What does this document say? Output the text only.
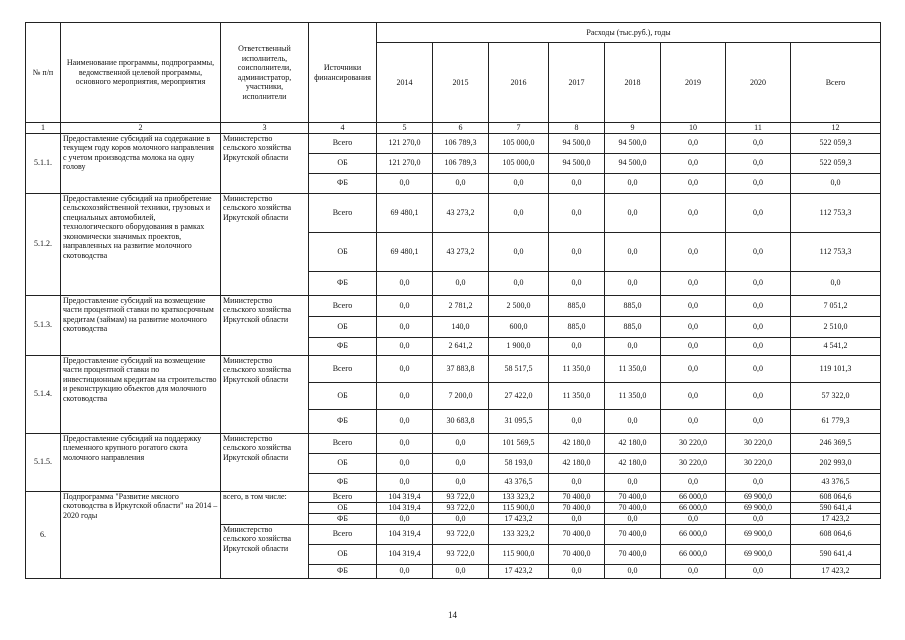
№ п/п	Наименование программы, подпрограммы, ведомственной целевой программы, основного мероприятия, мероприятия	Ответственный исполнитель, соисполнители, администратор, участники, исполнители	Источники финансирования	Расходы (тыс.руб.), годы							
				2014	2015	2016	2017	2018	2019	2020	Всего
1	2	3	4	5	6	7	8	9	10	11	12
5.1.1.	Предоставление субсидий на содержание в текущем году коров молочного направления с учетом производства молока на одну голову	Министерство сельского хозяйства Иркутской области	Всего	121 270,0	106 789,3	105 000,0	94 500,0	94 500,0	0,0	0,0	522 059,3
			ОБ	121 270,0	106 789,3	105 000,0	94 500,0	94 500,0	0,0	0,0	522 059,3
			ФБ	0,0	0,0	0,0	0,0	0,0	0,0	0,0	0,0
5.1.2.	Предоставление субсидий на приобретение сельскохозяйственной техники, грузовых и специальных автомобилей, технологического оборудования в рамках экономически значимых проектов, направленных на развитие молочного скотоводства	Министерство сельского хозяйства Иркутской области	Всего	69 480,1	43 273,2	0,0	0,0	0,0	0,0	0,0	112 753,3
			ОБ	69 480,1	43 273,2	0,0	0,0	0,0	0,0	0,0	112 753,3
			ФБ	0,0	0,0	0,0	0,0	0,0	0,0	0,0	0,0
5.1.3.	Предоставление субсидий на возмещение части процентной ставки по краткосрочным кредитам (займам) на развитие молочного скотоводства	Министерство сельского хозяйства Иркутской области	Всего	0,0	2 781,2	2 500,0	885,0	885,0	0,0	0,0	7 051,2
			ОБ	0,0	140,0	600,0	885,0	885,0	0,0	0,0	2 510,0
			ФБ	0,0	2 641,2	1 900,0	0,0	0,0	0,0	0,0	4 541,2
5.1.4.	Предоставление субсидий на возмещение части процентной ставки по инвестиционным кредитам на строительство и реконструкцию объектов для молочного скотоводства	Министерство сельского хозяйства Иркутской области	Всего	0,0	37 883,8	58 517,5	11 350,0	11 350,0	0,0	0,0	119 101,3
			ОБ	0,0	7 200,0	27 422,0	11 350,0	11 350,0	0,0	0,0	57 322,0
			ФБ	0,0	30 683,8	31 095,5	0,0	0,0	0,0	0,0	61 779,3
5.1.5.	Предоставление субсидий на поддержку племенного крупного рогатого скота молочного направления	Министерство сельского хозяйства Иркутской области	Всего	0,0	0,0	101 569,5	42 180,0	42 180,0	30 220,0	30 220,0	246 369,5
			ОБ	0,0	0,0	58 193,0	42 180,0	42 180,0	30 220,0	30 220,0	202 993,0
			ФБ	0,0	0,0	43 376,5	0,0	0,0	0,0	0,0	43 376,5
6.	Подпрограмма "Развитие мясного скотоводства в Иркутской области" на 2014 – 2020 годы	всего, в том числе:	Всего	104 319,4	93 722,0	133 323,2	70 400,0	70 400,0	66 000,0	69 900,0	608 064,6
			ОБ	104 319,4	93 722,0	115 900,0	70 400,0	70 400,0	66 000,0	69 900,0	590 641,4
			ФБ	0,0	0,0	17 423,2	0,0	0,0	0,0	0,0	17 423,2
		Министерство сельского хозяйства Иркутской области	Всего	104 319,4	93 722,0	133 323,2	70 400,0	70 400,0	66 000,0	69 900,0	608 064,6
			ОБ	104 319,4	93 722,0	115 900,0	70 400,0	70 400,0	66 000,0	69 900,0	590 641,4
			ФБ	0,0	0,0	17 423,2	0,0	0,0	0,0	0,0	17 423,2
14
